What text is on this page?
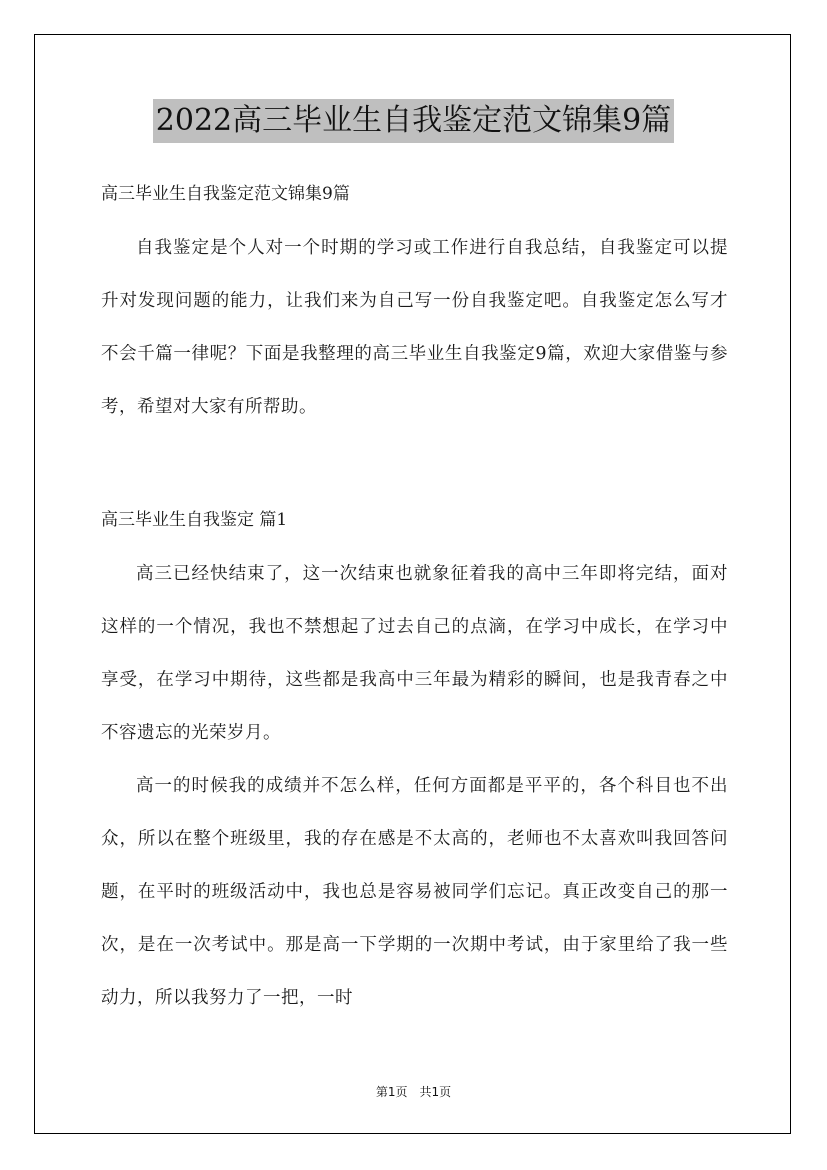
2022高三毕业生自我鉴定范文锦集9篇

高三毕业生自我鉴定范文锦集9篇

自我鉴定是个人对一个时期的学习或工作进行自我总结，自我鉴定可以提升对发现问题的能力，让我们来为自己写一份自我鉴定吧。自我鉴定怎么写才不会千篇一律呢？下面是我整理的高三毕业生自我鉴定9篇，欢迎大家借鉴与参考，希望对大家有所帮助。

高三毕业生自我鉴定 篇1

高三已经快结束了，这一次结束也就象征着我的高中三年即将完结，面对这样的一个情况，我也不禁想起了过去自己的点滴，在学习中成长，在学习中享受，在学习中期待，这些都是我高中三年最为精彩的瞬间，也是我青春之中不容遗忘的光荣岁月。

高一的时候我的成绩并不怎么样，任何方面都是平平的，各个科目也不出众，所以在整个班级里，我的存在感是不太高的，老师也不太喜欢叫我回答问题，在平时的班级活动中，我也总是容易被同学们忘记。真正改变自己的那一次，是在一次考试中。那是高一下学期的一次期中考试，由于家里给了我一些动力，所以我努力了一把，一时

第1页 共1页
